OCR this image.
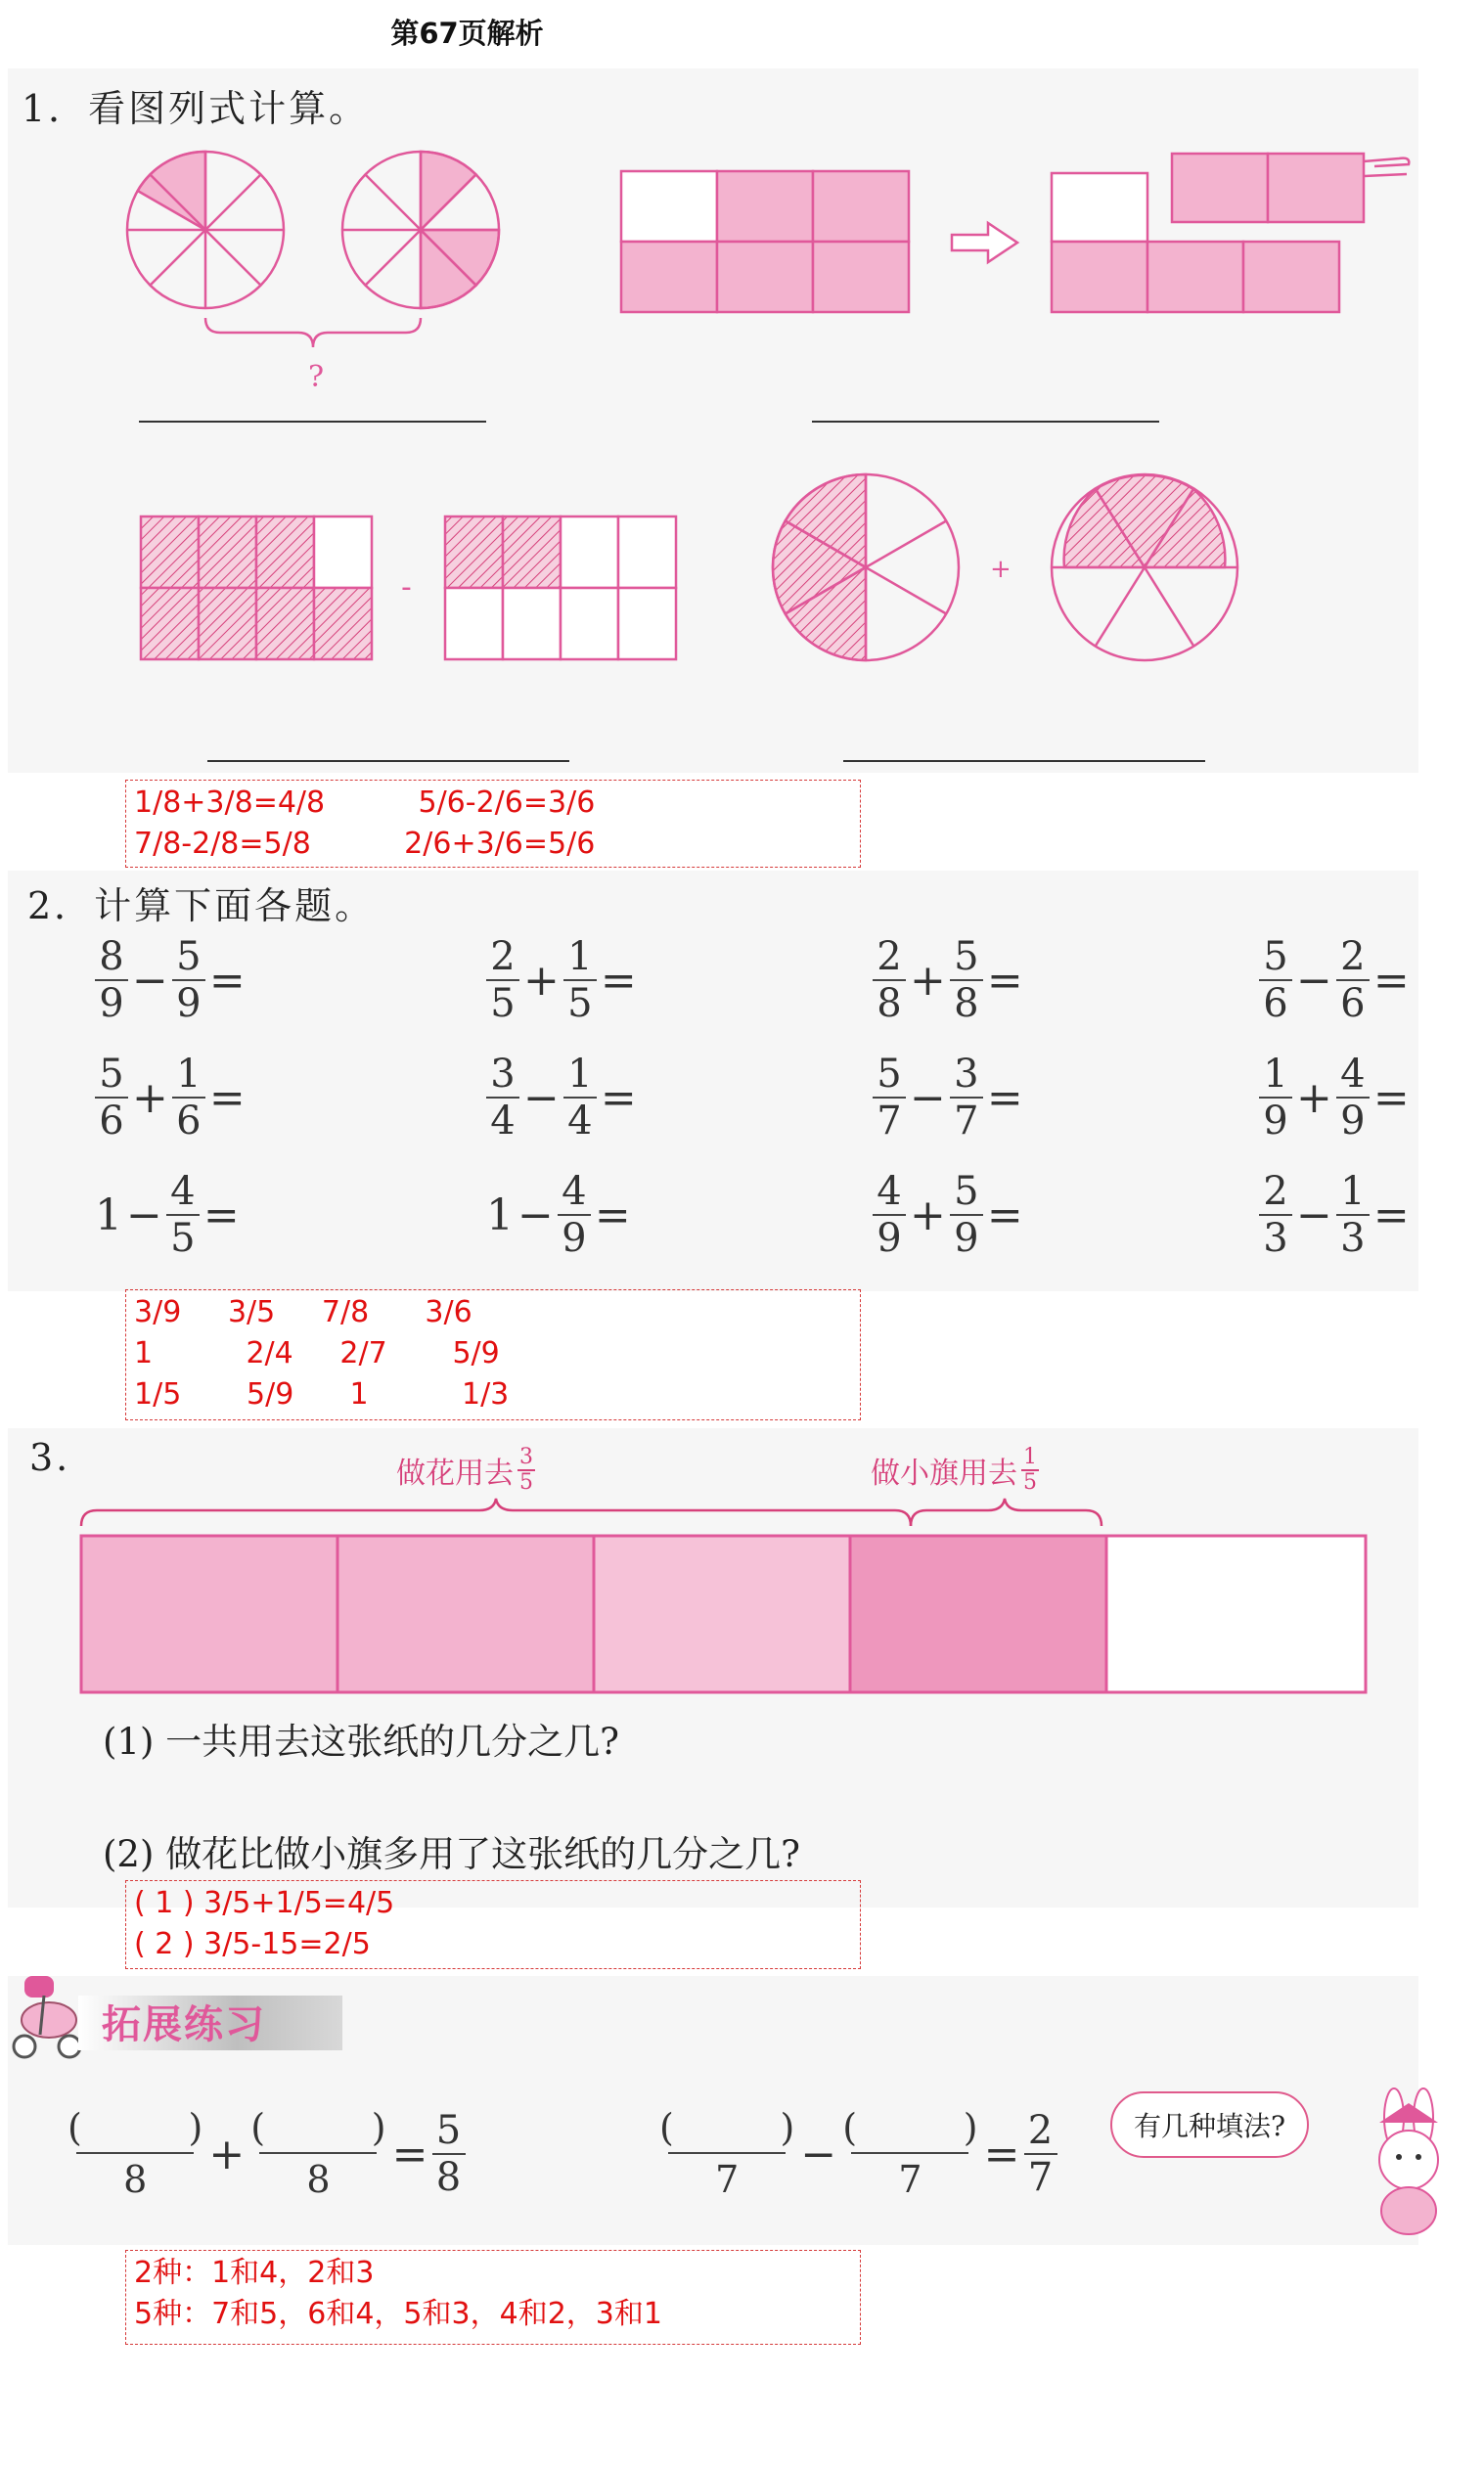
第67页解析
1．看图列式计算。
?
-
+
1/8+3/8=4/8          5/6-2/6=3/6
7/8-2/8=5/8          2/6+3/6=5/6
2．计算下面各题。
$\frac{8}{9} - \frac{5}{9}$ =	$\frac{2}{5} + \frac{1}{5}$ =	$\frac{2}{8} + \frac{5}{8}$ =	$\frac{5}{6} - \frac{2}{6}$ =
$\frac{5}{6} + \frac{1}{6}$ =	$\frac{3}{4} - \frac{1}{4}$ =	$\frac{5}{7} - \frac{3}{7}$ =	$\frac{1}{9} + \frac{4}{9}$ =
$1 - \frac{4}{5}$ =	$1 - \frac{4}{9}$ =	$\frac{4}{9} + \frac{5}{9}$ =	$\frac{2}{3} - \frac{1}{3}$ =
3/9     3/5     7/8      3/6
1          2/4     2/7       5/9
1/5       5/9      1          1/3
3.	做花用去 3
5	做小旗用去 1
5
(1) 一共用去这张纸的几分之几?
(2) 做花比做小旗多用了这张纸的几分之几?
( 1 ) 3/5+1/5=4/5
( 2 ) 3/5-15=2/5
拓展练习
(         )
8
+
(         )
8
= $\frac{5}{8}$	(         )
7
−
(         )
7
= $\frac{2}{7}$	有几种填法?
2种：1和4，2和3
5种：7和5，6和4，5和3，4和2，3和1
